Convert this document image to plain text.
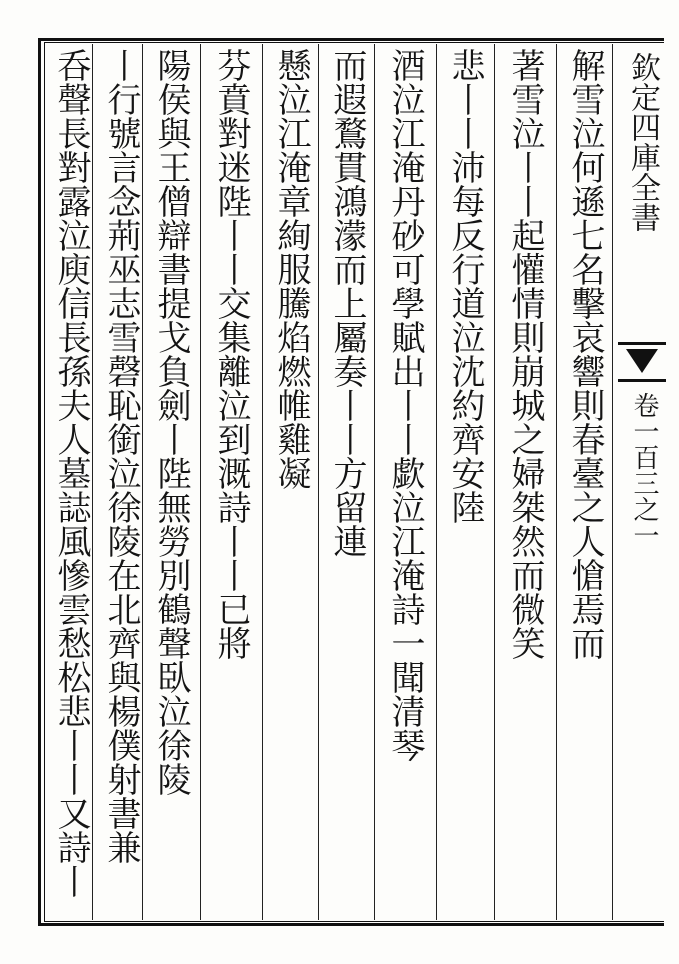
欽定四庫全書
卷一百三之一
解雪泣何遜七名擊哀響則春臺之人愴焉而
著雪泣丨丨起懽情則崩城之婦桀然而微笑
悲丨丨沛每反行道泣沈約齊安陸
酒泣江淹丹砂可學賦出丨丨歔泣江淹詩一聞清琴
而遐鶩貫鴻濛而上屬奏丨丨方留連
懸泣江淹章絢服騰焰燃帷雞凝
芬賁對迷陛丨丨交集離泣到溉詩丨丨已將
陽侯與王僧辯書提戈負劍丨陛無勞別鶴聲臥泣徐陵
丨行號言念荊巫志雪磬恥銜泣徐陵在北齊與楊僕射書兼
呑聲長對露泣庾信長孫夫人墓誌風慘雲愁松悲丨丨又詩丨
